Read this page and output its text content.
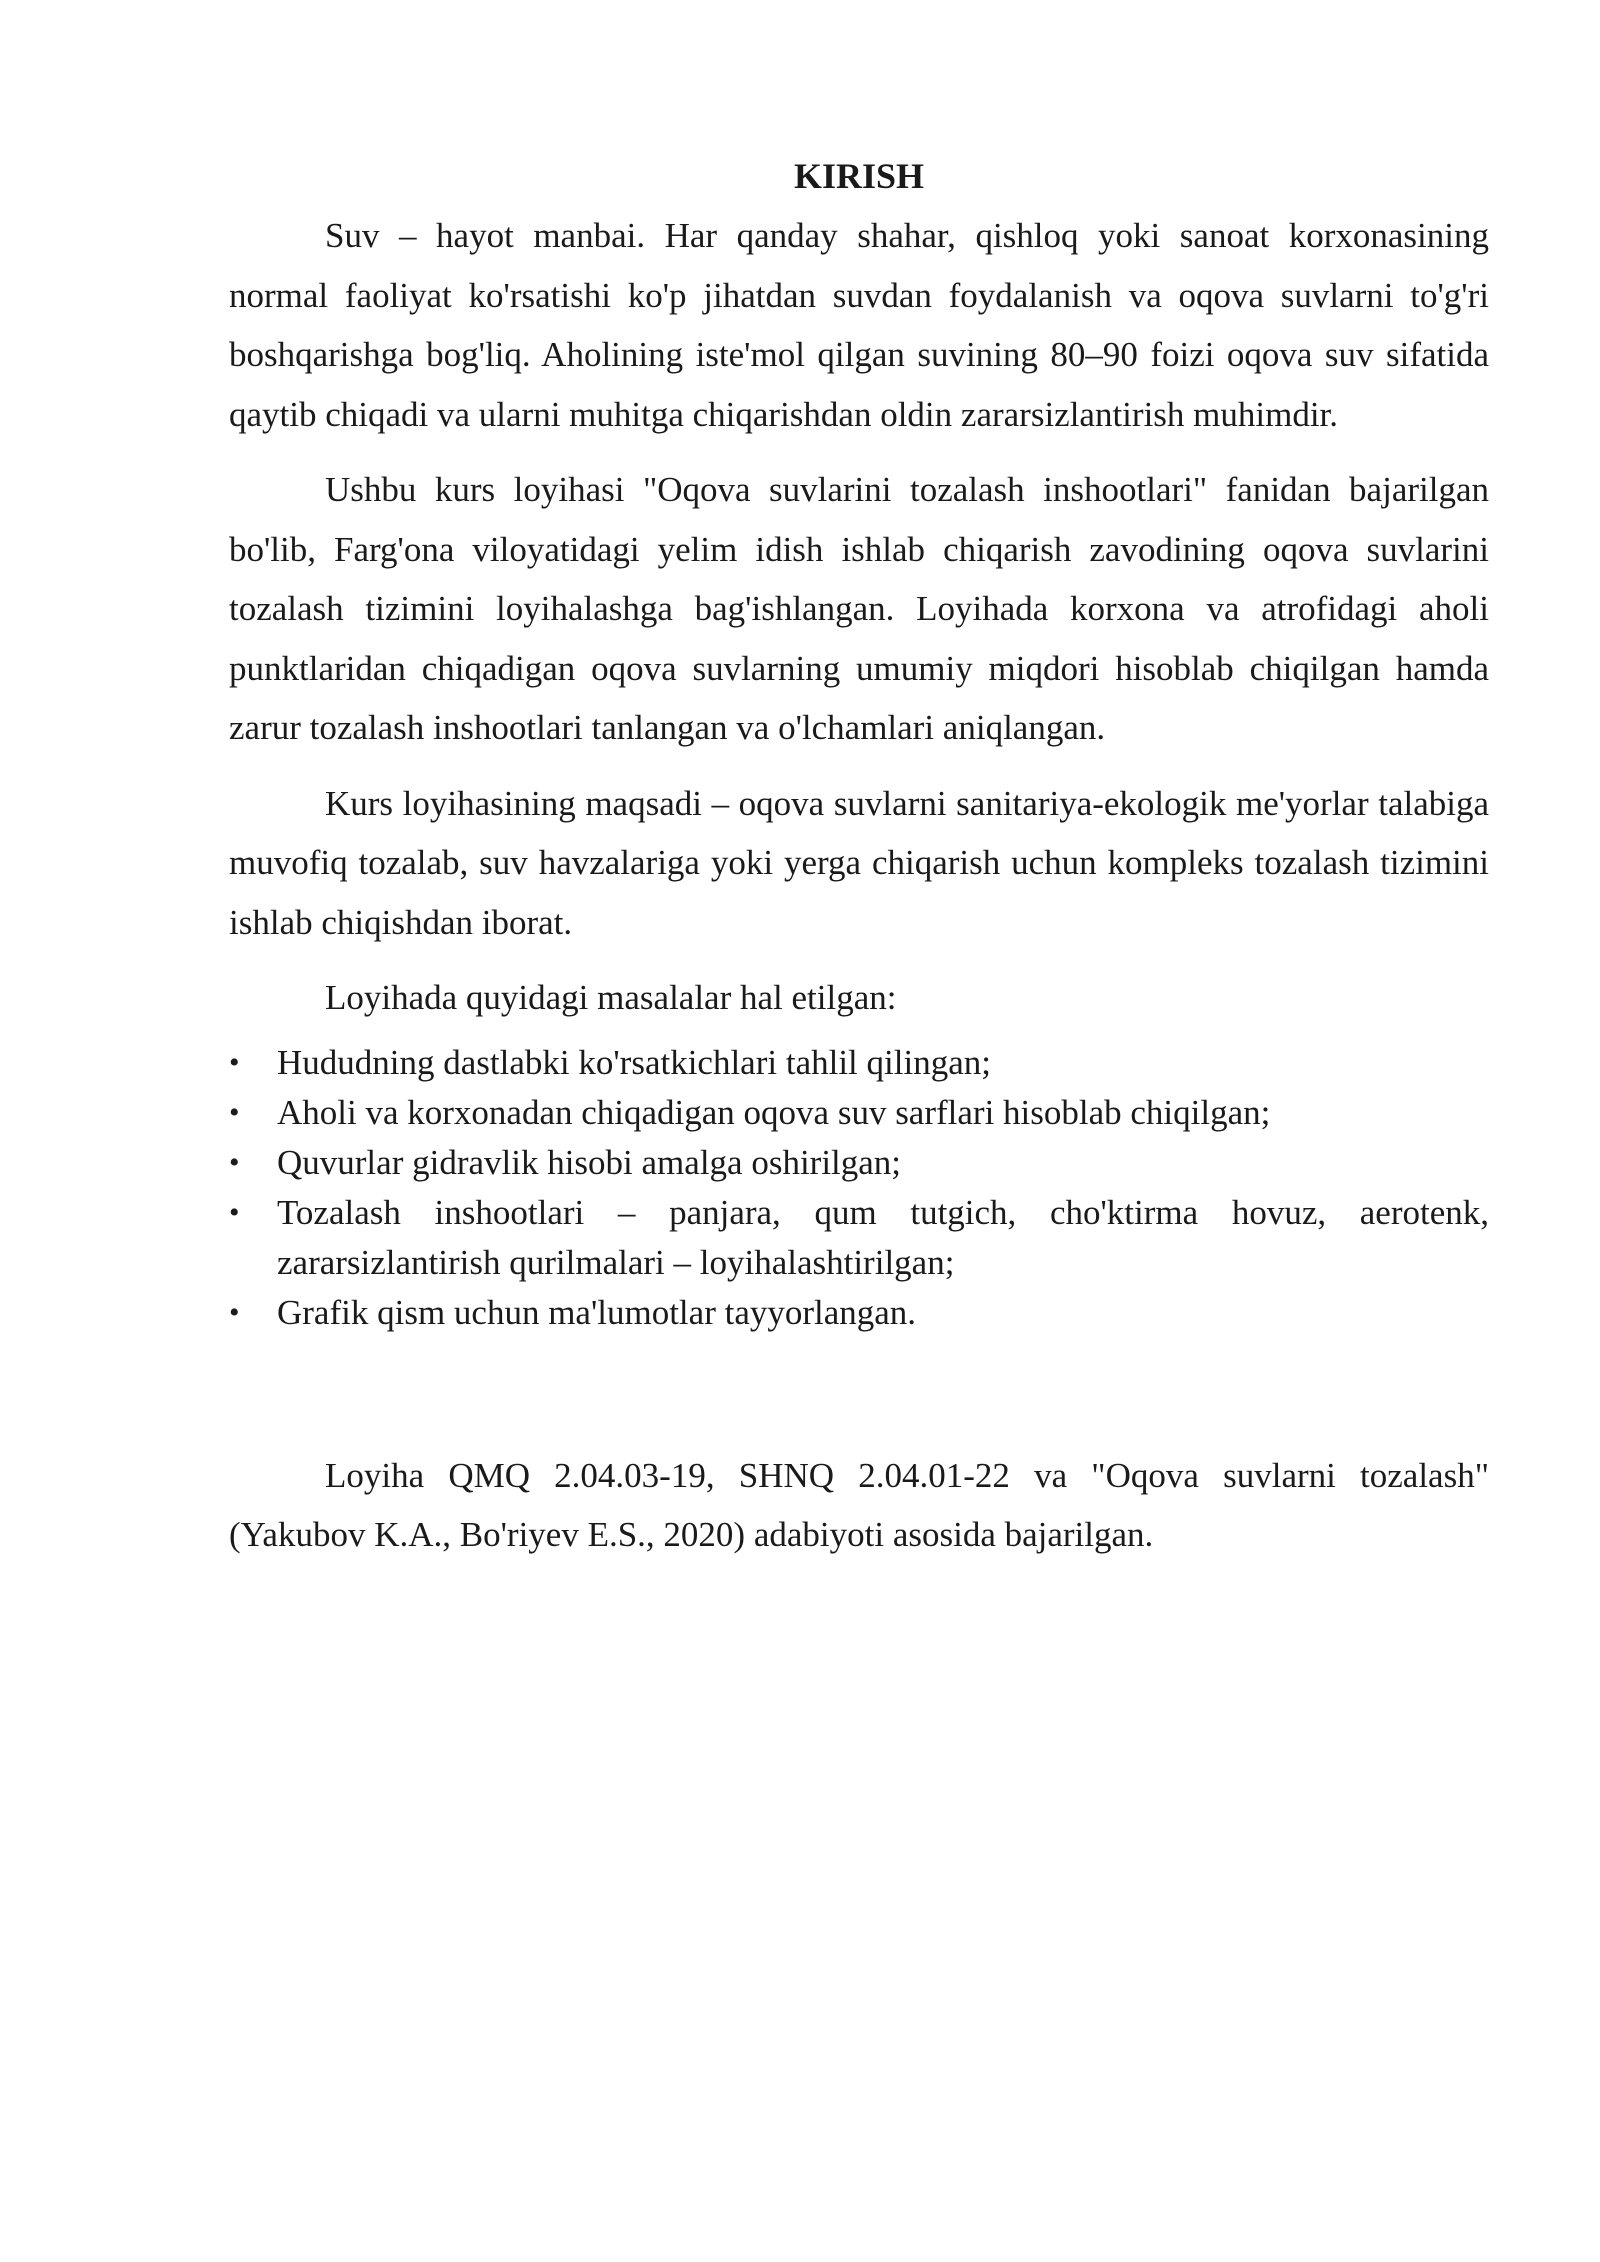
KIRISH

Suv – hayot manbai. Har qanday shahar, qishloq yoki sanoat korxonasining normal faoliyat ko'rsatishi ko'p jihatdan suvdan foydalanish va oqova suvlarni to'g'ri boshqarishga bog'liq. Aholining iste'mol qilgan suvining 80–90 foizi oqova suv sifatida qaytib chiqadi va ularni muhitga chiqarishdan oldin zararsizlantirish muhimdir.

Ushbu kurs loyihasi "Oqova suvlarini tozalash inshootlari" fanidan bajarilgan bo'lib, Farg'ona viloyatidagi yelim idish ishlab chiqarish zavodining oqova suvlarini tozalash tizimini loyihalashga bag'ishlangan. Loyihada korxona va atrofidagi aholi punktlaridan chiqadigan oqova suvlarning umumiy miqdori hisoblab chiqilgan hamda zarur tozalash inshootlari tanlangan va o'lchamlari aniqlangan.

Kurs loyihasining maqsadi – oqova suvlarni sanitariya-ekologik me'yorlar talabiga muvofiq tozalab, suv havzalariga yoki yerga chiqarish uchun kompleks tozalash tizimini ishlab chiqishdan iborat.

Loyihada quyidagi masalalar hal etilgan:

• Hududning dastlabki ko'rsatkichlari tahlil qilingan;
• Aholi va korxonadan chiqadigan oqova suv sarflari hisoblab chiqilgan;
• Quvurlar gidravlik hisobi amalga oshirilgan;
• Tozalash inshootlari – panjara, qum tutgich, cho'ktirma hovuz, aerotenk, zararsizlantirish qurilmalari – loyihalashtirilgan;
• Grafik qism uchun ma'lumotlar tayyorlangan.

Loyiha QMQ 2.04.03-19, SHNQ 2.04.01-22 va "Oqova suvlarni tozalash" (Yakubov K.A., Bo'riyev E.S., 2020) adabiyoti asosida bajarilgan.
